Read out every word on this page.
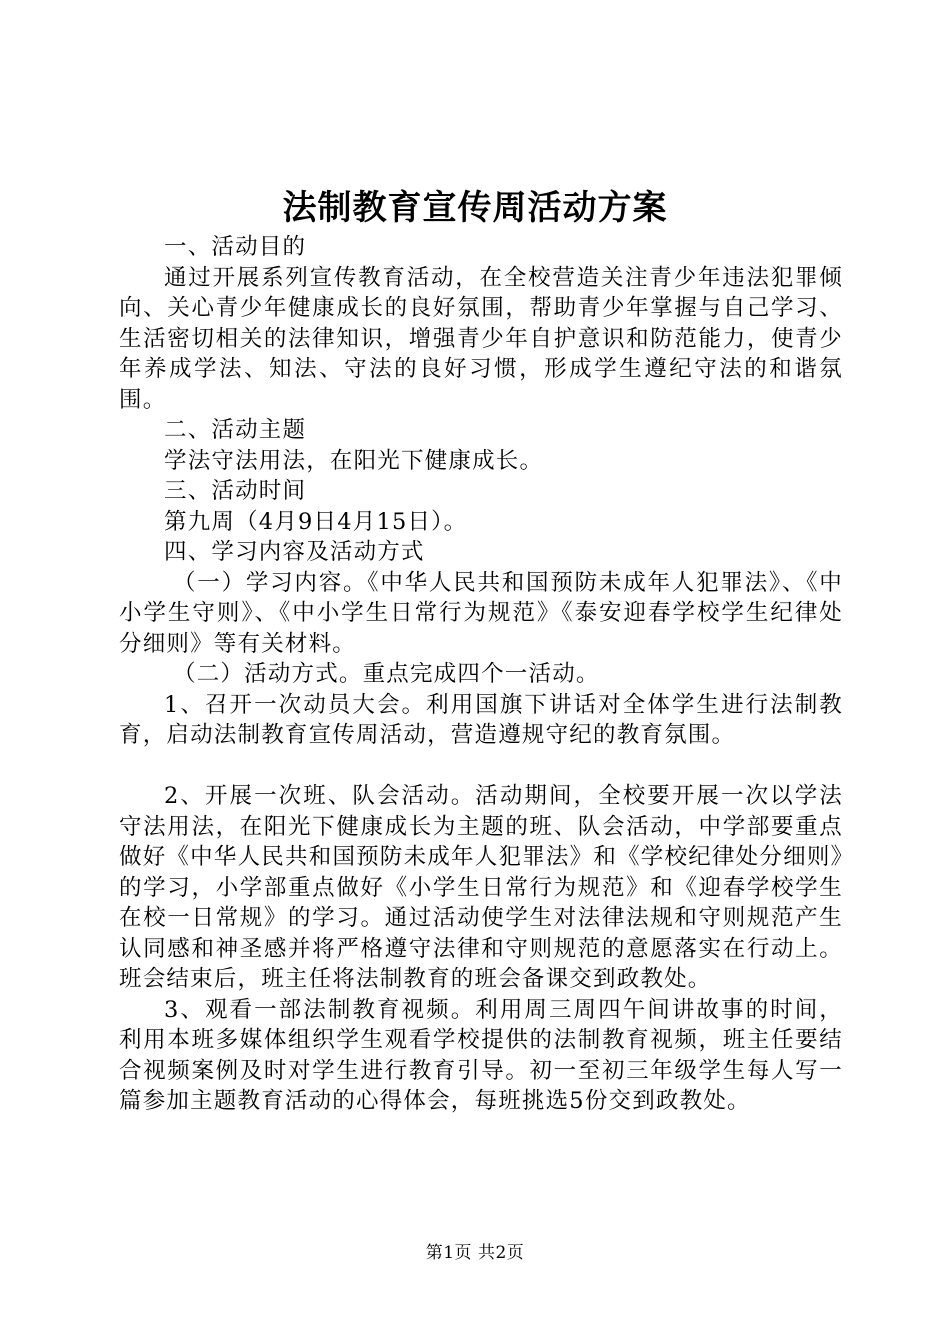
法制教育宣传周活动方案

一、活动目的

通过开展系列宣传教育活动，在全校营造关注青少年违法犯罪倾向、关心青少年健康成长的良好氛围，帮助青少年掌握与自己学习、生活密切相关的法律知识，增强青少年自护意识和防范能力，使青少年养成学法、知法、守法的良好习惯，形成学生遵纪守法的和谐氛围。

二、活动主题

学法守法用法，在阳光下健康成长。

三、活动时间

第九周（4月9日4月15日）。

四、学习内容及活动方式

（一）学习内容。《中华人民共和国预防未成年人犯罪法》、《中小学生守则》、《中小学生日常行为规范》《泰安迎春学校学生纪律处分细则》等有关材料。

（二）活动方式。重点完成四个一活动。

1、召开一次动员大会。利用国旗下讲话对全体学生进行法制教育，启动法制教育宣传周活动，营造遵规守纪的教育氛围。

2、开展一次班、队会活动。活动期间，全校要开展一次以学法守法用法，在阳光下健康成长为主题的班、队会活动，中学部要重点做好《中华人民共和国预防未成年人犯罪法》和《学校纪律处分细则》的学习，小学部重点做好《小学生日常行为规范》和《迎春学校学生在校一日常规》的学习。通过活动使学生对法律法规和守则规范产生认同感和神圣感并将严格遵守法律和守则规范的意愿落实在行动上。班会结束后，班主任将法制教育的班会备课交到政教处。

3、观看一部法制教育视频。利用周三周四午间讲故事的时间，利用本班多媒体组织学生观看学校提供的法制教育视频，班主任要结合视频案例及时对学生进行教育引导。初一至初三年级学生每人写一篇参加主题教育活动的心得体会，每班挑选5份交到政教处。

第1页 共2页
